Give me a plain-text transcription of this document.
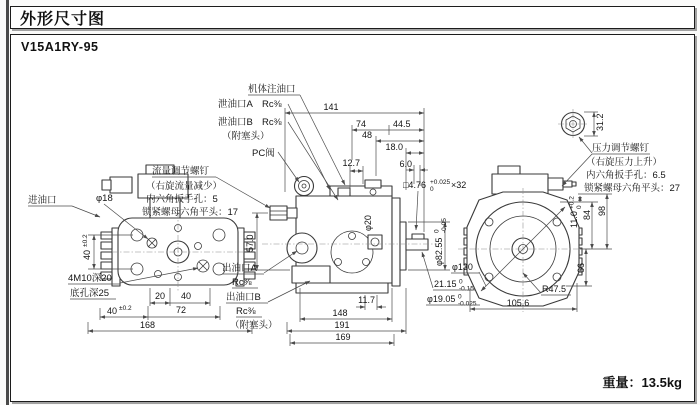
外形尺寸图
V15A1RY-95
重量：13.5kg
40
±0.2
20 40
40 ±0.2	72
168
进油口	φ18
4M10深20
底孔深25
141
74	44.5
48
18.0
12.7	6.0
□4.76 +0.025
0 ×32
57.0
φ20
11.7
148
191
169
φ82.55
0 -0.05
21.15 0
-0.15
φ19.05 0
-0.025
机体注油口
泄油口A Rc⅜
泄油口B Rc⅜
（附塞头）
PC阀
流量调节螺钉
（右旋流量减少）
内六角扳手孔：5
锁紧螺母六角平头：17
出油口A
Rc⅜
出油口B
Rc⅜
（附塞头）
31.2
φ130
R47.5
105.6
11.0
+0.2 0
84 98
66
压力调节螺钉
（右旋压力上升）
内六角扳手孔：6.5
锁紧螺母六角平头：27
